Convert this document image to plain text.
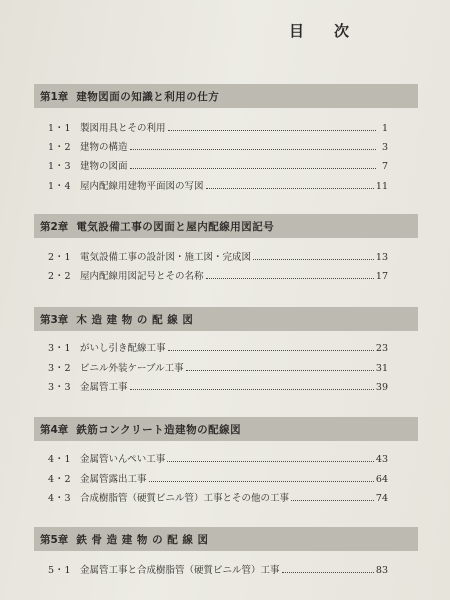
目 次
第1章 建物図面の知識と利用の仕方
1・1 製図用具とその利用	1
1・2 建物の構造	3
1・3 建物の図面	7
1・4 屋内配線用建物平面図の写図	11
第2章 電気設備工事の図面と屋内配線用図記号
2・1 電気設備工事の設計図・施工図・完成図	13
2・2 屋内配線用図記号とその名称	17
第3章 木 造 建 物 の 配 線 図
3・1 がいし引き配線工事	23
3・2 ビニル外装ケーブル工事	31
3・3 金属管工事	39
第4章 鉄筋コンクリート造建物の配線図
4・1 金属管いんぺい工事	43
4・2 金属管露出工事	64
4・3 合成樹脂管（硬質ビニル管）工事とその他の工事	74
第5章 鉄 骨 造 建 物 の 配 線 図
5・1 金属管工事と合成樹脂管（硬質ビニル管）工事	83
